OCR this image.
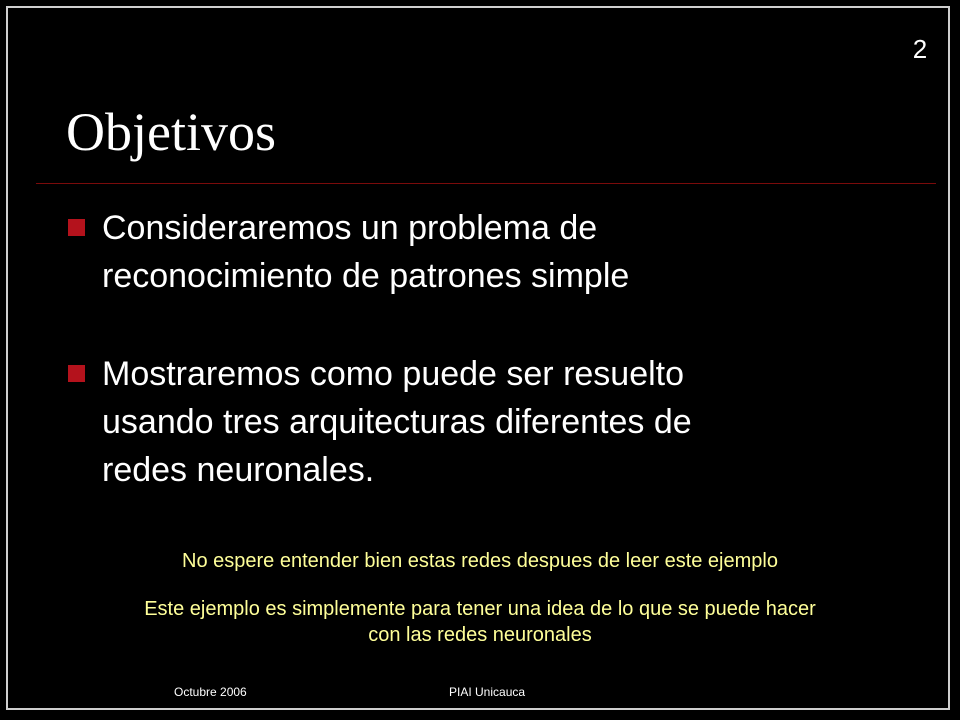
2
Objetivos
Consideraremos un problema de
reconocimiento de patrones simple
Mostraremos como puede ser resuelto
usando tres arquitecturas diferentes de
redes neuronales.
No espere entender bien estas redes despues de leer este ejemplo
Este ejemplo es simplemente para tener una idea de lo que se puede hacer
con las redes neuronales
Octubre 2006	PIAI Unicauca
